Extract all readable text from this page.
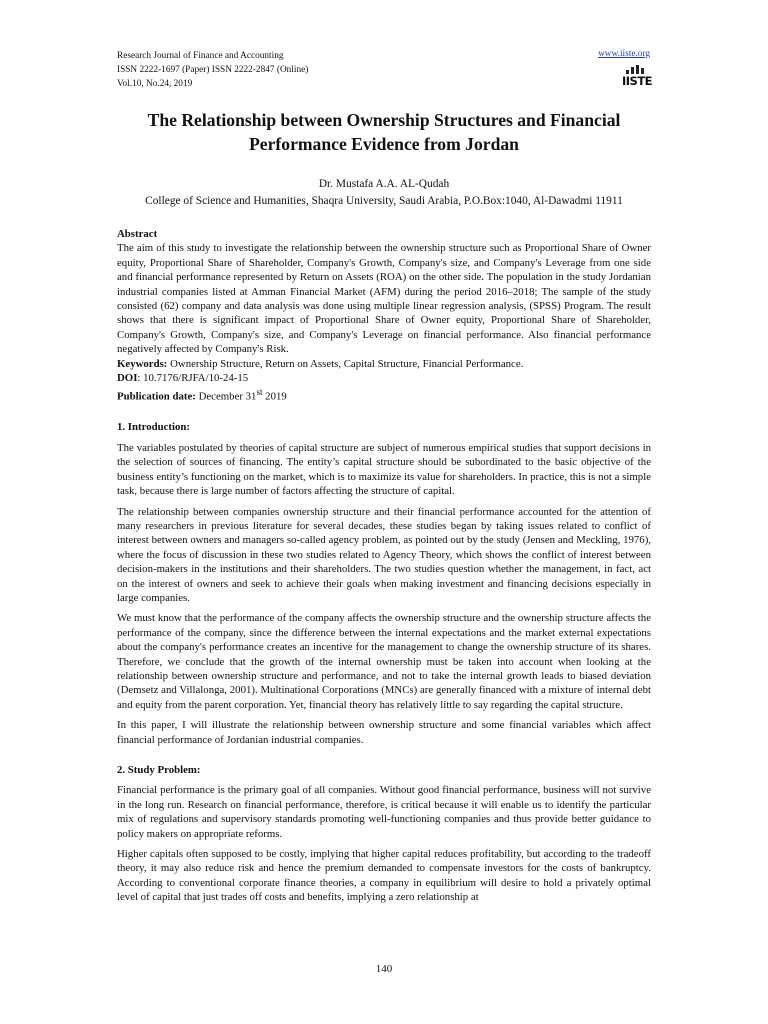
Research Journal of Finance and Accounting
ISSN 2222-1697 (Paper) ISSN 2222-2847 (Online)
Vol.10, No.24, 2019
www.iiste.org
IISTE
The Relationship between Ownership Structures and Financial
Performance Evidence from Jordan
Dr. Mustafa A.A. AL-Qudah
College of Science and Humanities, Shaqra University, Saudi Arabia, P.O.Box:1040, Al-Dawadmi 11911

Abstract

The aim of this study to investigate the relationship between the ownership structure such as Proportional Share of Owner equity, Proportional Share of Shareholder, Company's Growth, Company's size, and Company's Leverage from one side and financial performance represented by Return on Assets (ROA) on the other side. The population in the study Jordanian industrial companies listed at Amman Financial Market (AFM) during the period 2016–2018; The sample of the study consisted (62) company and data analysis was done using multiple linear regression analysis, (SPSS) Program. The result shows that there is significant impact of Proportional Share of Owner equity, Proportional Share of Shareholder, Company's Growth, Company's size, and Company's Leverage on financial performance. Also financial performance negatively affected by Company's Risk.

Keywords: Ownership Structure, Return on Assets, Capital Structure, Financial Performance.

DOI: 10.7176/RJFA/10-24-15

Publication date: December 31st 2019

1. Introduction:

The variables postulated by theories of capital structure are subject of numerous empirical studies that support decisions in the selection of sources of financing. The entity’s capital structure should be subordinated to the basic objective of the business entity’s functioning on the market, which is to maximize its value for shareholders. In practice, this is not a simple task, because there is large number of factors affecting the structure of capital.

The relationship between companies ownership structure and their financial performance accounted for the attention of many researchers in previous literature for several decades, these studies began by taking issues related to conflict of interest between owners and managers so-called agency problem, as pointed out by the study (Jensen and Meckling, 1976), where the focus of discussion in these two studies related to Agency Theory, which shows the conflict of interest between decision-makers in the institutions and their shareholders. The two studies question whether the management, in fact, act on the interest of owners and seek to achieve their goals when making investment and financing decisions especially in large companies.

We must know that the performance of the company affects the ownership structure and the ownership structure affects the performance of the company, since the difference between the internal expectations and the market external expectations about the company's performance creates an incentive for the management to change the ownership structure of its shares. Therefore, we conclude that the growth of the internal ownership must be taken into account when looking at the relationship between ownership structure and performance, and not to take the internal growth leads to biased deviation (Demsetz and Villalonga, 2001). Multinational Corporations (MNCs) are generally financed with a mixture of internal debt and equity from the parent corporation. Yet, financial theory has relatively little to say regarding the capital structure.

In this paper, I will illustrate the relationship between ownership structure and some financial variables which affect financial performance of Jordanian industrial companies.

2. Study Problem:

Financial performance is the primary goal of all companies. Without good financial performance, business will not survive in the long run. Research on financial performance, therefore, is critical because it will enable us to identify the particular mix of regulations and supervisory standards promoting well-functioning companies and thus provide better guidance to policy makers on appropriate reforms.

Higher capitals often supposed to be costly, implying that higher capital reduces profitability, but according to the tradeoff theory, it may also reduce risk and hence the premium demanded to compensate investors for the costs of bankruptcy. According to conventional corporate finance theories, a company in equilibrium will desire to hold a privately optimal level of capital that just trades off costs and benefits, implying a zero relationship at

140
